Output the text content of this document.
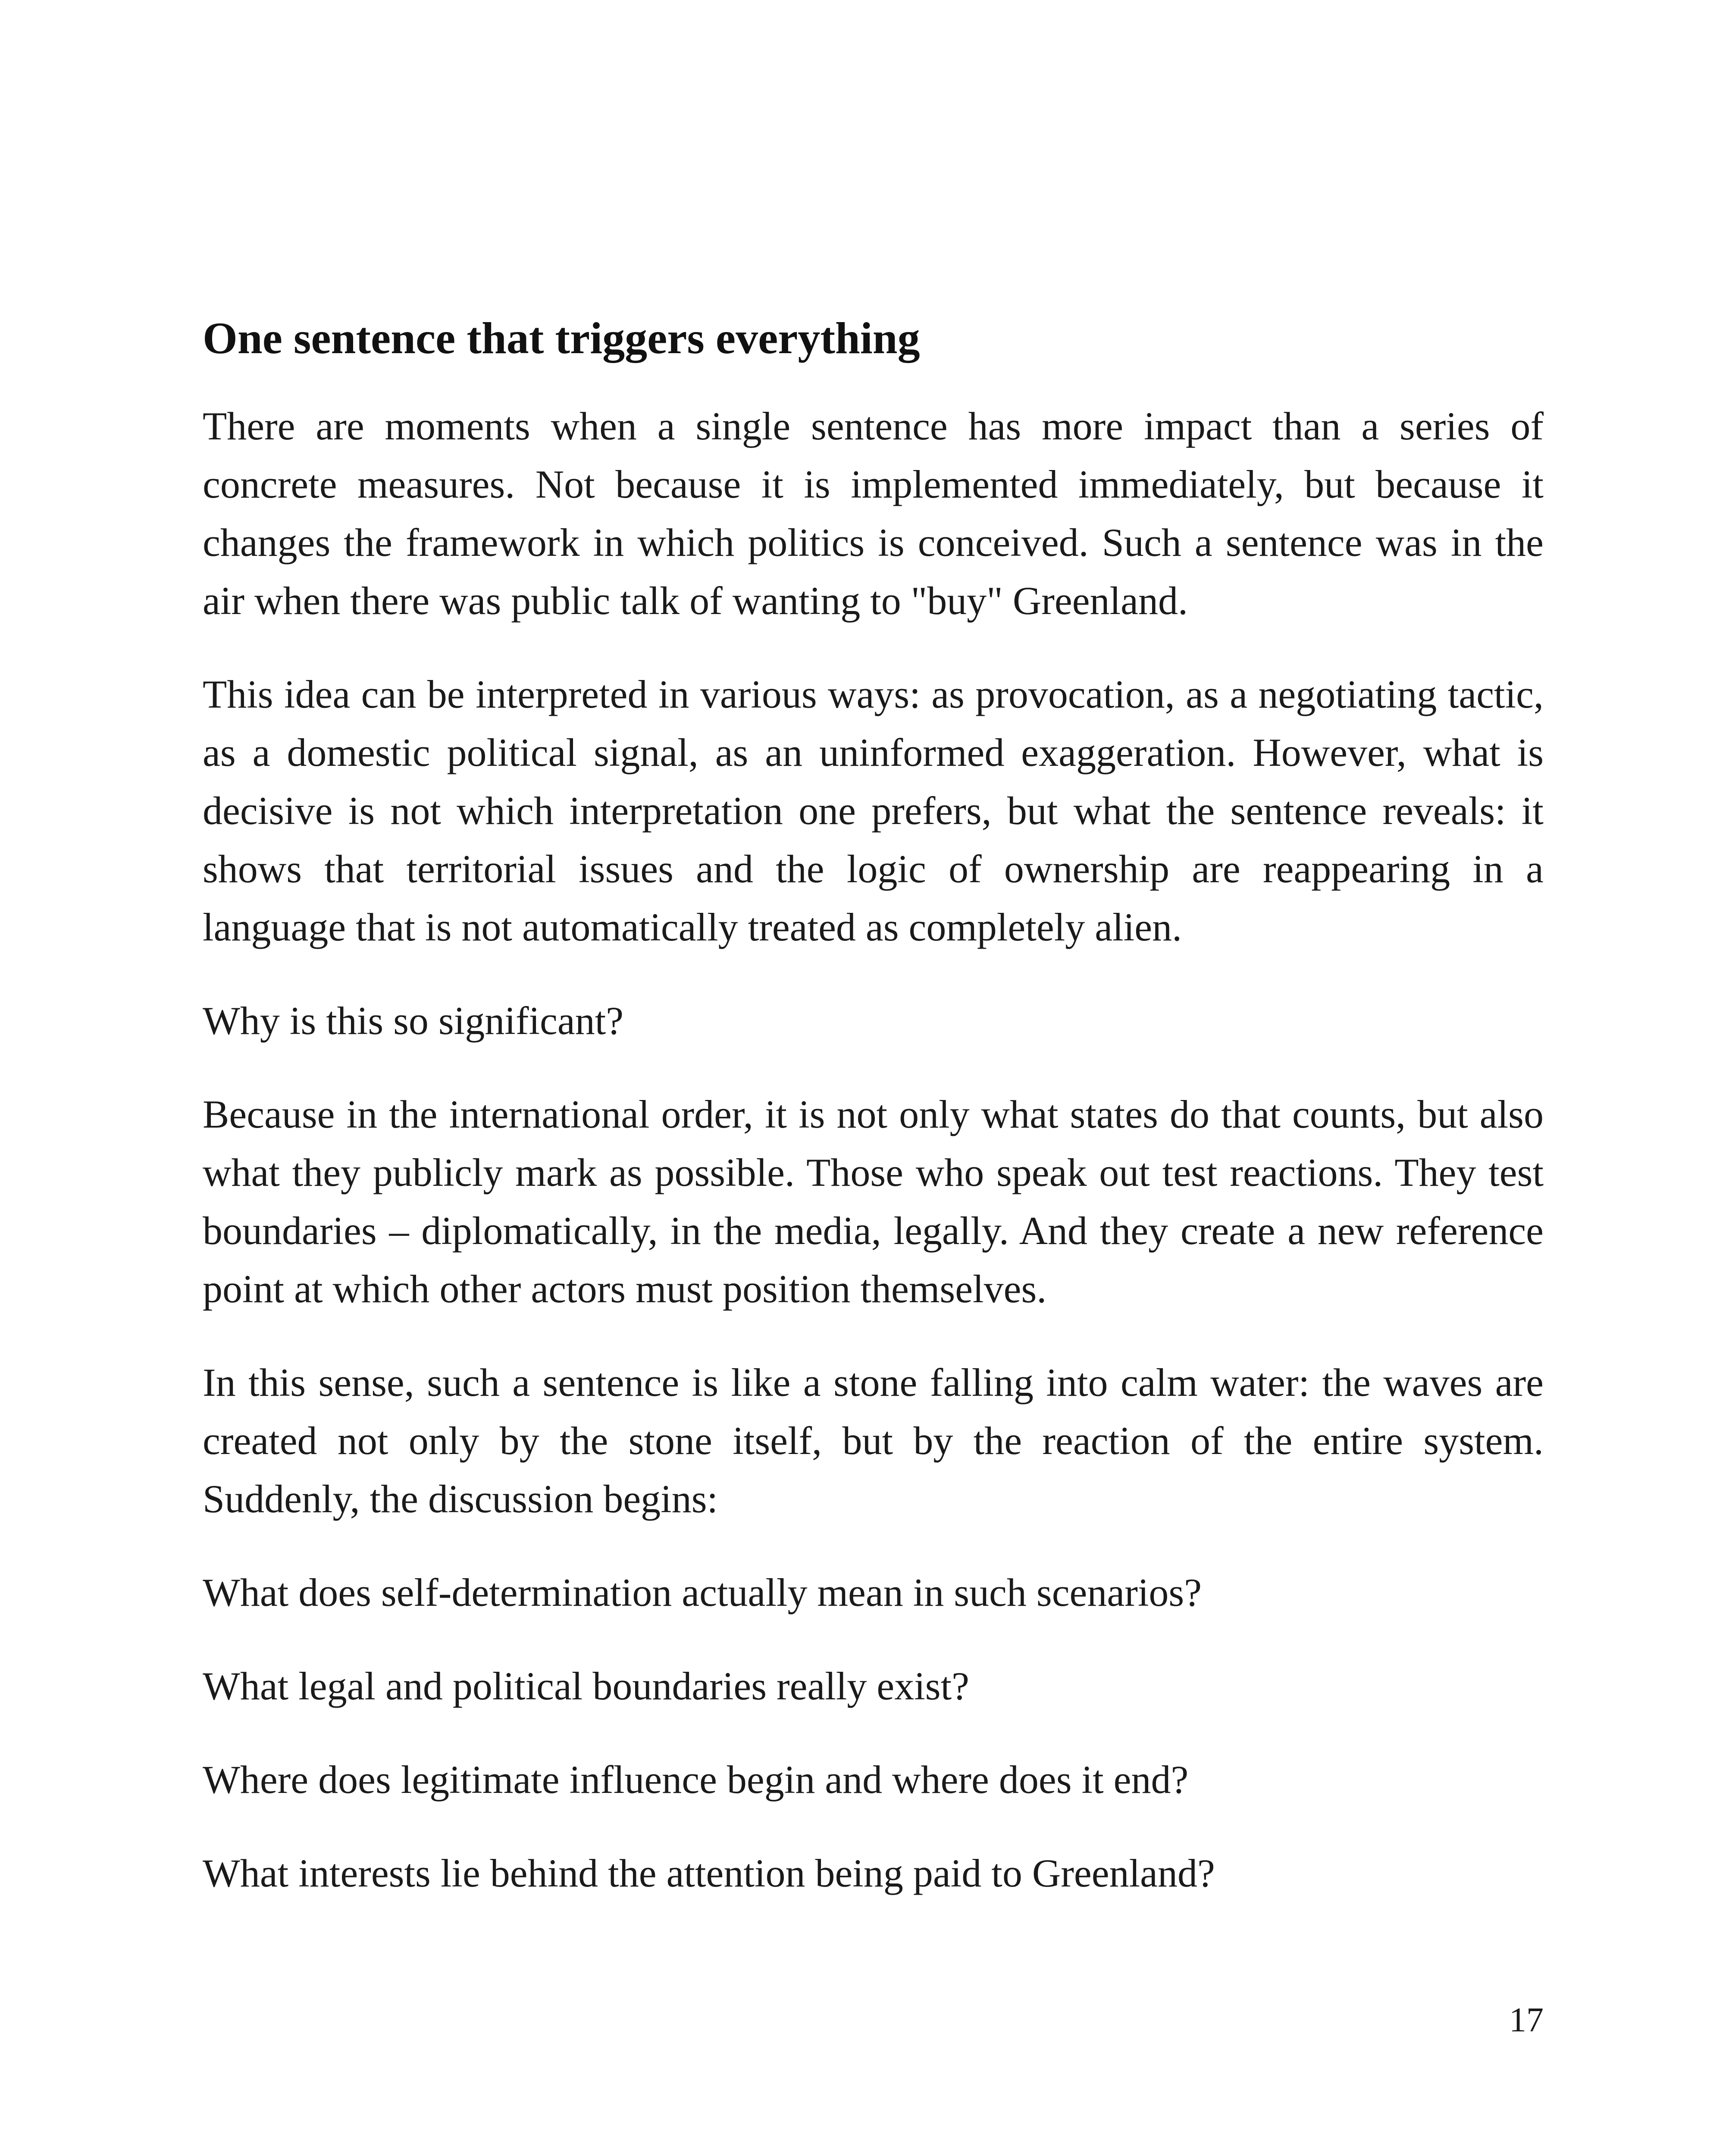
One sentence that triggers everything

There are moments when a single sentence has more impact than a series of concrete measures. Not because it is implemented immediately, but because it changes the framework in which politics is conceived. Such a sentence was in the air when there was public talk of wanting to "buy" Greenland.

This idea can be interpreted in various ways: as provocation, as a negotiating tactic, as a domestic political signal, as an uninformed exaggeration. However, what is decisive is not which interpretation one prefers, but what the sentence reveals: it shows that territorial issues and the logic of ownership are reappearing in a language that is not automatically treated as completely alien.

Why is this so significant?

Because in the international order, it is not only what states do that counts, but also what they publicly mark as possible. Those who speak out test reactions. They test boundaries – diplomatically, in the media, legally. And they create a new reference point at which other actors must position themselves.

In this sense, such a sentence is like a stone falling into calm water: the waves are created not only by the stone itself, but by the reaction of the entire system. Suddenly, the discussion begins:

What does self-determination actually mean in such scenarios?

What legal and political boundaries really exist?

Where does legitimate influence begin and where does it end?

What interests lie behind the attention being paid to Greenland?

17
